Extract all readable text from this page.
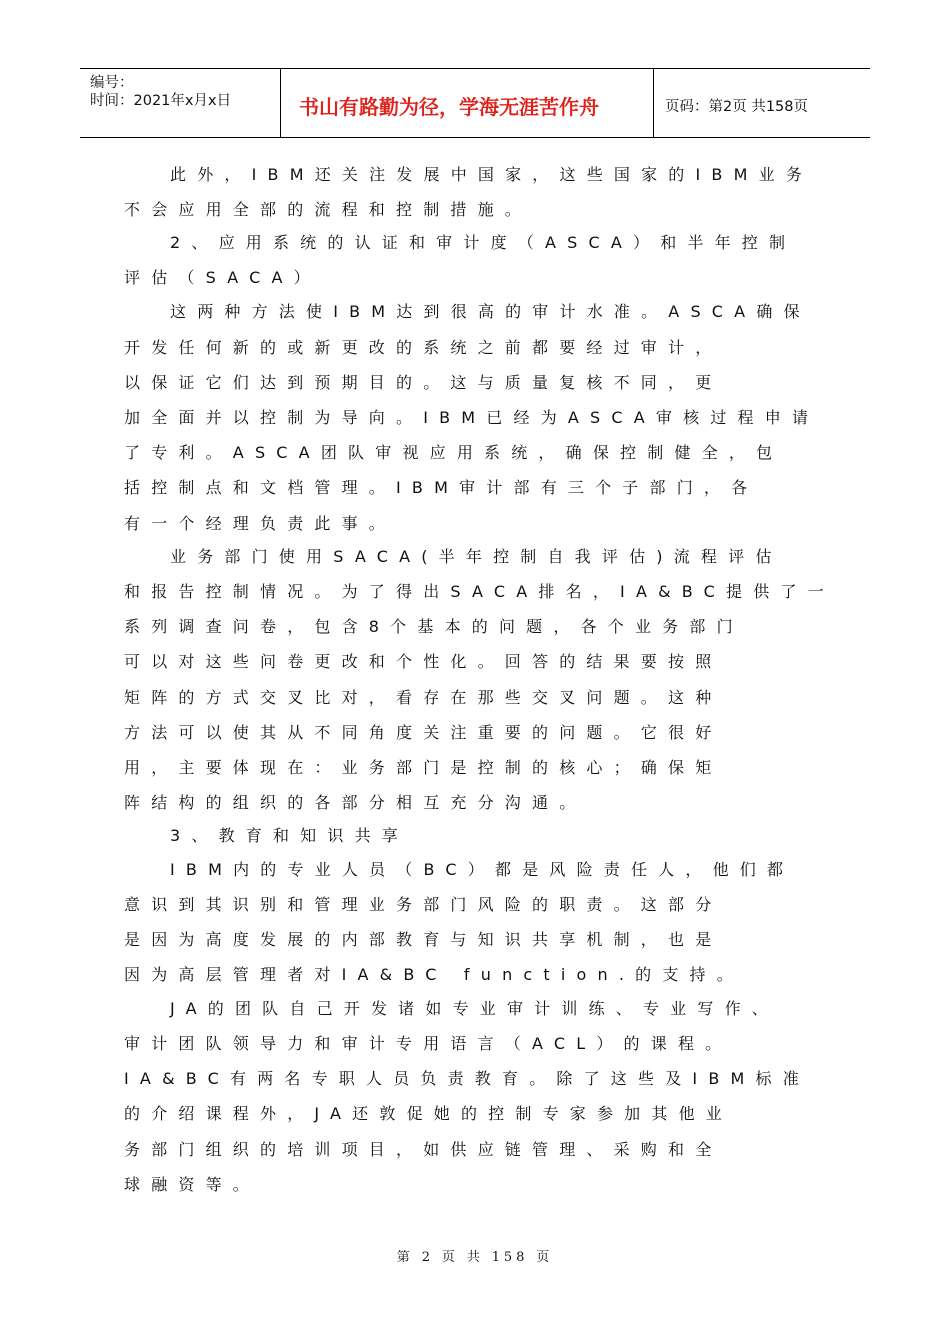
编号：
时间：2021年x月x日	书山有路勤为径，学海无涯苦作舟	页码：第2页 共158页
此外，IBM还关注发展中国家，这些国家的IBM业务
不会应用全部的流程和控制措施。
2、应用系统的认证和审计度（ASCA）和半年控制
评估（SACA）
这两种方法使IBM达到很高的审计水准。ASCA确保
开发任何新的或新更改的系统之前都要经过审计，
以保证它们达到预期目的。这与质量复核不同，更
加全面并以控制为导向。IBM已经为ASCA审核过程申请
了专利。ASCA团队审视应用系统，确保控制健全，包
括控制点和文档管理。IBM审计部有三个子部门，各
有一个经理负责此事。
业务部门使用SACA(半年控制自我评估)流程评估
和报告控制情况。为了得出SACA排名，IA&BC提供了一
系列调查问卷，包含8个基本的问题，各个业务部门
可以对这些问卷更改和个性化。回答的结果要按照
矩阵的方式交叉比对，看存在那些交叉问题。这种
方法可以使其从不同角度关注重要的问题。它很好
用，主要体现在：业务部门是控制的核心；确保矩
阵结构的组织的各部分相互充分沟通。
3、教育和知识共享
IBM内的专业人员（BC）都是风险责任人，他们都
意识到其识别和管理业务部门风险的职责。这部分
是因为高度发展的内部教育与知识共享机制，也是
因为高层管理者对IA&BC function.的支持。
JA的团队自己开发诸如专业审计训练、专业写作、
审计团队领导力和审计专用语言（ACL）的课程。
IA&BC有两名专职人员负责教育。除了这些及IBM标准
的介绍课程外，JA还敦促她的控制专家参加其他业
务部门组织的培训项目，如供应链管理、采购和全
球融资等。
第 2 页 共 158 页
